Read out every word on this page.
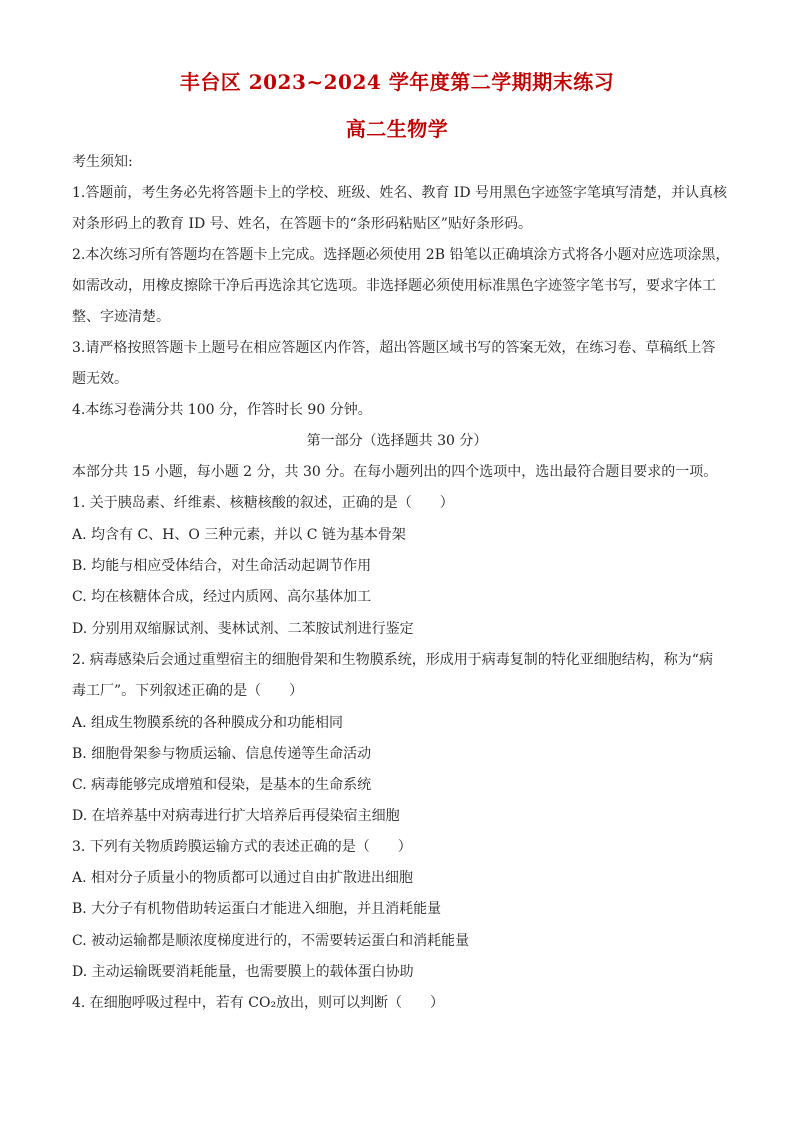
丰台区 2023~2024 学年度第二学期期末练习
高二生物学
考生须知:
1.答题前，考生务必先将答题卡上的学校、班级、姓名、教育 ID 号用黑色字迹签字笔填写清楚，并认真核
对条形码上的教育 ID 号、姓名，在答题卡的“条形码粘贴区”贴好条形码。
2.本次练习所有答题均在答题卡上完成。选择题必须使用 2B 铅笔以正确填涂方式将各小题对应选项涂黑，
如需改动，用橡皮擦除干净后再选涂其它选项。非选择题必须使用标准黑色字迹签字笔书写，要求字体工
整、字迹清楚。
3.请严格按照答题卡上题号在相应答题区内作答，超出答题区域书写的答案无效，在练习卷、草稿纸上答
题无效。
4.本练习卷满分共 100 分，作答时长 90 分钟。
第一部分（选择题共 30 分）
本部分共 15 小题，每小题 2 分，共 30 分。在每小题列出的四个选项中，选出最符合题目要求的一项。
1. 关于胰岛素、纤维素、核糖核酸的叙述，正确的是（　　）
A. 均含有 C、H、O 三种元素，并以 C 链为基本骨架
B. 均能与相应受体结合，对生命活动起调节作用
C. 均在核糖体合成，经过内质网、高尔基体加工
D. 分别用双缩脲试剂、斐林试剂、二苯胺试剂进行鉴定
2. 病毒感染后会通过重塑宿主的细胞骨架和生物膜系统，形成用于病毒复制的特化亚细胞结构，称为“病
毒工厂”。下列叙述正确的是（　　）
A. 组成生物膜系统的各种膜成分和功能相同
B. 细胞骨架参与物质运输、信息传递等生命活动
C. 病毒能够完成增殖和侵染，是基本的生命系统
D. 在培养基中对病毒进行扩大培养后再侵染宿主细胞
3. 下列有关物质跨膜运输方式的表述正确的是（　　）
A. 相对分子质量小的物质都可以通过自由扩散进出细胞
B. 大分子有机物借助转运蛋白才能进入细胞，并且消耗能量
C. 被动运输都是顺浓度梯度进行的，不需要转运蛋白和消耗能量
D. 主动运输既要消耗能量，也需要膜上的载体蛋白协助
4. 在细胞呼吸过程中，若有 CO₂放出，则可以判断（　　）
